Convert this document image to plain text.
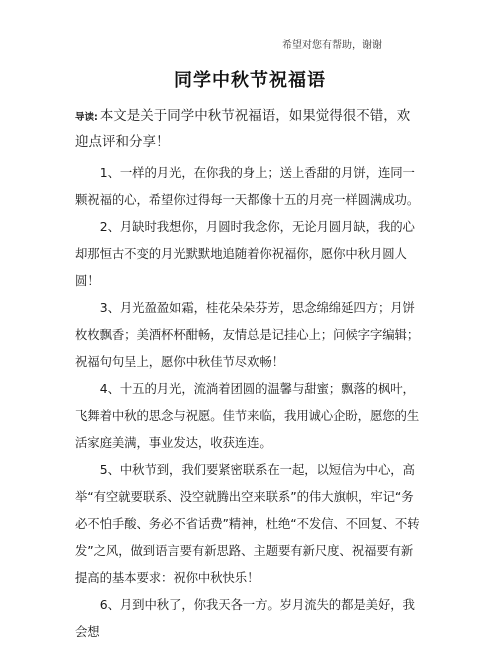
希望对您有帮助，谢谢
同学中秋节祝福语

导读: 本文是关于同学中秋节祝福语，如果觉得很不错，欢迎点评和分享！

1、一样的月光，在你我的身上；送上香甜的月饼，连同一颗祝福的心，希望你过得每一天都像十五的月亮一样圆满成功。

2、月缺时我想你，月圆时我念你，无论月圆月缺，我的心却那恒古不变的月光默默地追随着你祝福你，愿你中秋月圆人圆！

3、月光盈盈如霜，桂花朵朵芬芳，思念绵绵延四方；月饼枚枚飘香；美酒杯杯酣畅，友情总是记挂心上；问候字字编辑；祝福句句呈上，愿你中秋佳节尽欢畅！

4、十五的月光，流淌着团圆的温馨与甜蜜；飘落的枫叶，飞舞着中秋的思念与祝愿。佳节来临，我用诚心企盼，愿您的生活家庭美满，事业发达，收获连连。

5、中秋节到，我们要紧密联系在一起，以短信为中心，高举“有空就要联系、没空就腾出空来联系”的伟大旗帜，牢记“务必不怕手酸、务必不省话费”精神，杜绝“不发信、不回复、不转发”之风，做到语言要有新思路、主题要有新尺度、祝福要有新提高的基本要求：祝你中秋快乐！

6、月到中秋了，你我天各一方。岁月流失的都是美好，我会想
